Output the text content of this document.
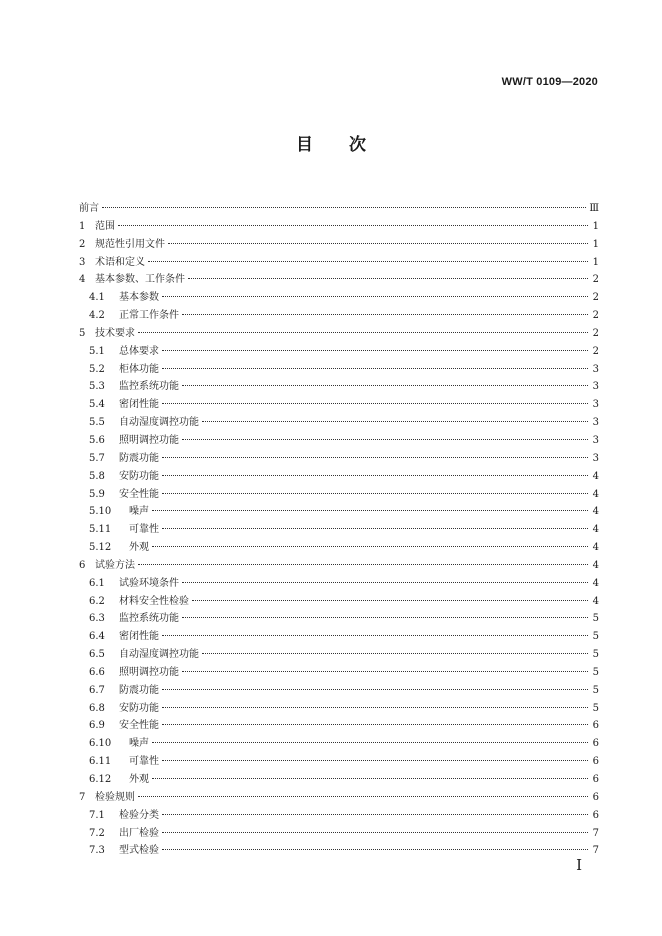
WW/T 0109—2020
目 次
前言	Ⅲ
1 范围	1
2 规范性引用文件	1
3 术语和定义	1
4 基本参数、工作条件	2
4.1	基本参数	2
4.2	正常工作条件	2
5 技术要求	2
5.1	总体要求	2
5.2	柜体功能	3
5.3	监控系统功能	3
5.4	密闭性能	3
5.5	自动湿度调控功能	3
5.6	照明调控功能	3
5.7	防震功能	3
5.8	安防功能	4
5.9	安全性能	4
5.10	噪声	4
5.11	可靠性	4
5.12	外观	4
6 试验方法	4
6.1	试验环境条件	4
6.2	材料安全性检验	4
6.3	监控系统功能	5
6.4	密闭性能	5
6.5	自动湿度调控功能	5
6.6	照明调控功能	5
6.7	防震功能	5
6.8	安防功能	5
6.9	安全性能	6
6.10	噪声	6
6.11	可靠性	6
6.12	外观	6
7 检验规则	6
7.1	检验分类	6
7.2	出厂检验	7
7.3	型式检验	7
Ⅰ
